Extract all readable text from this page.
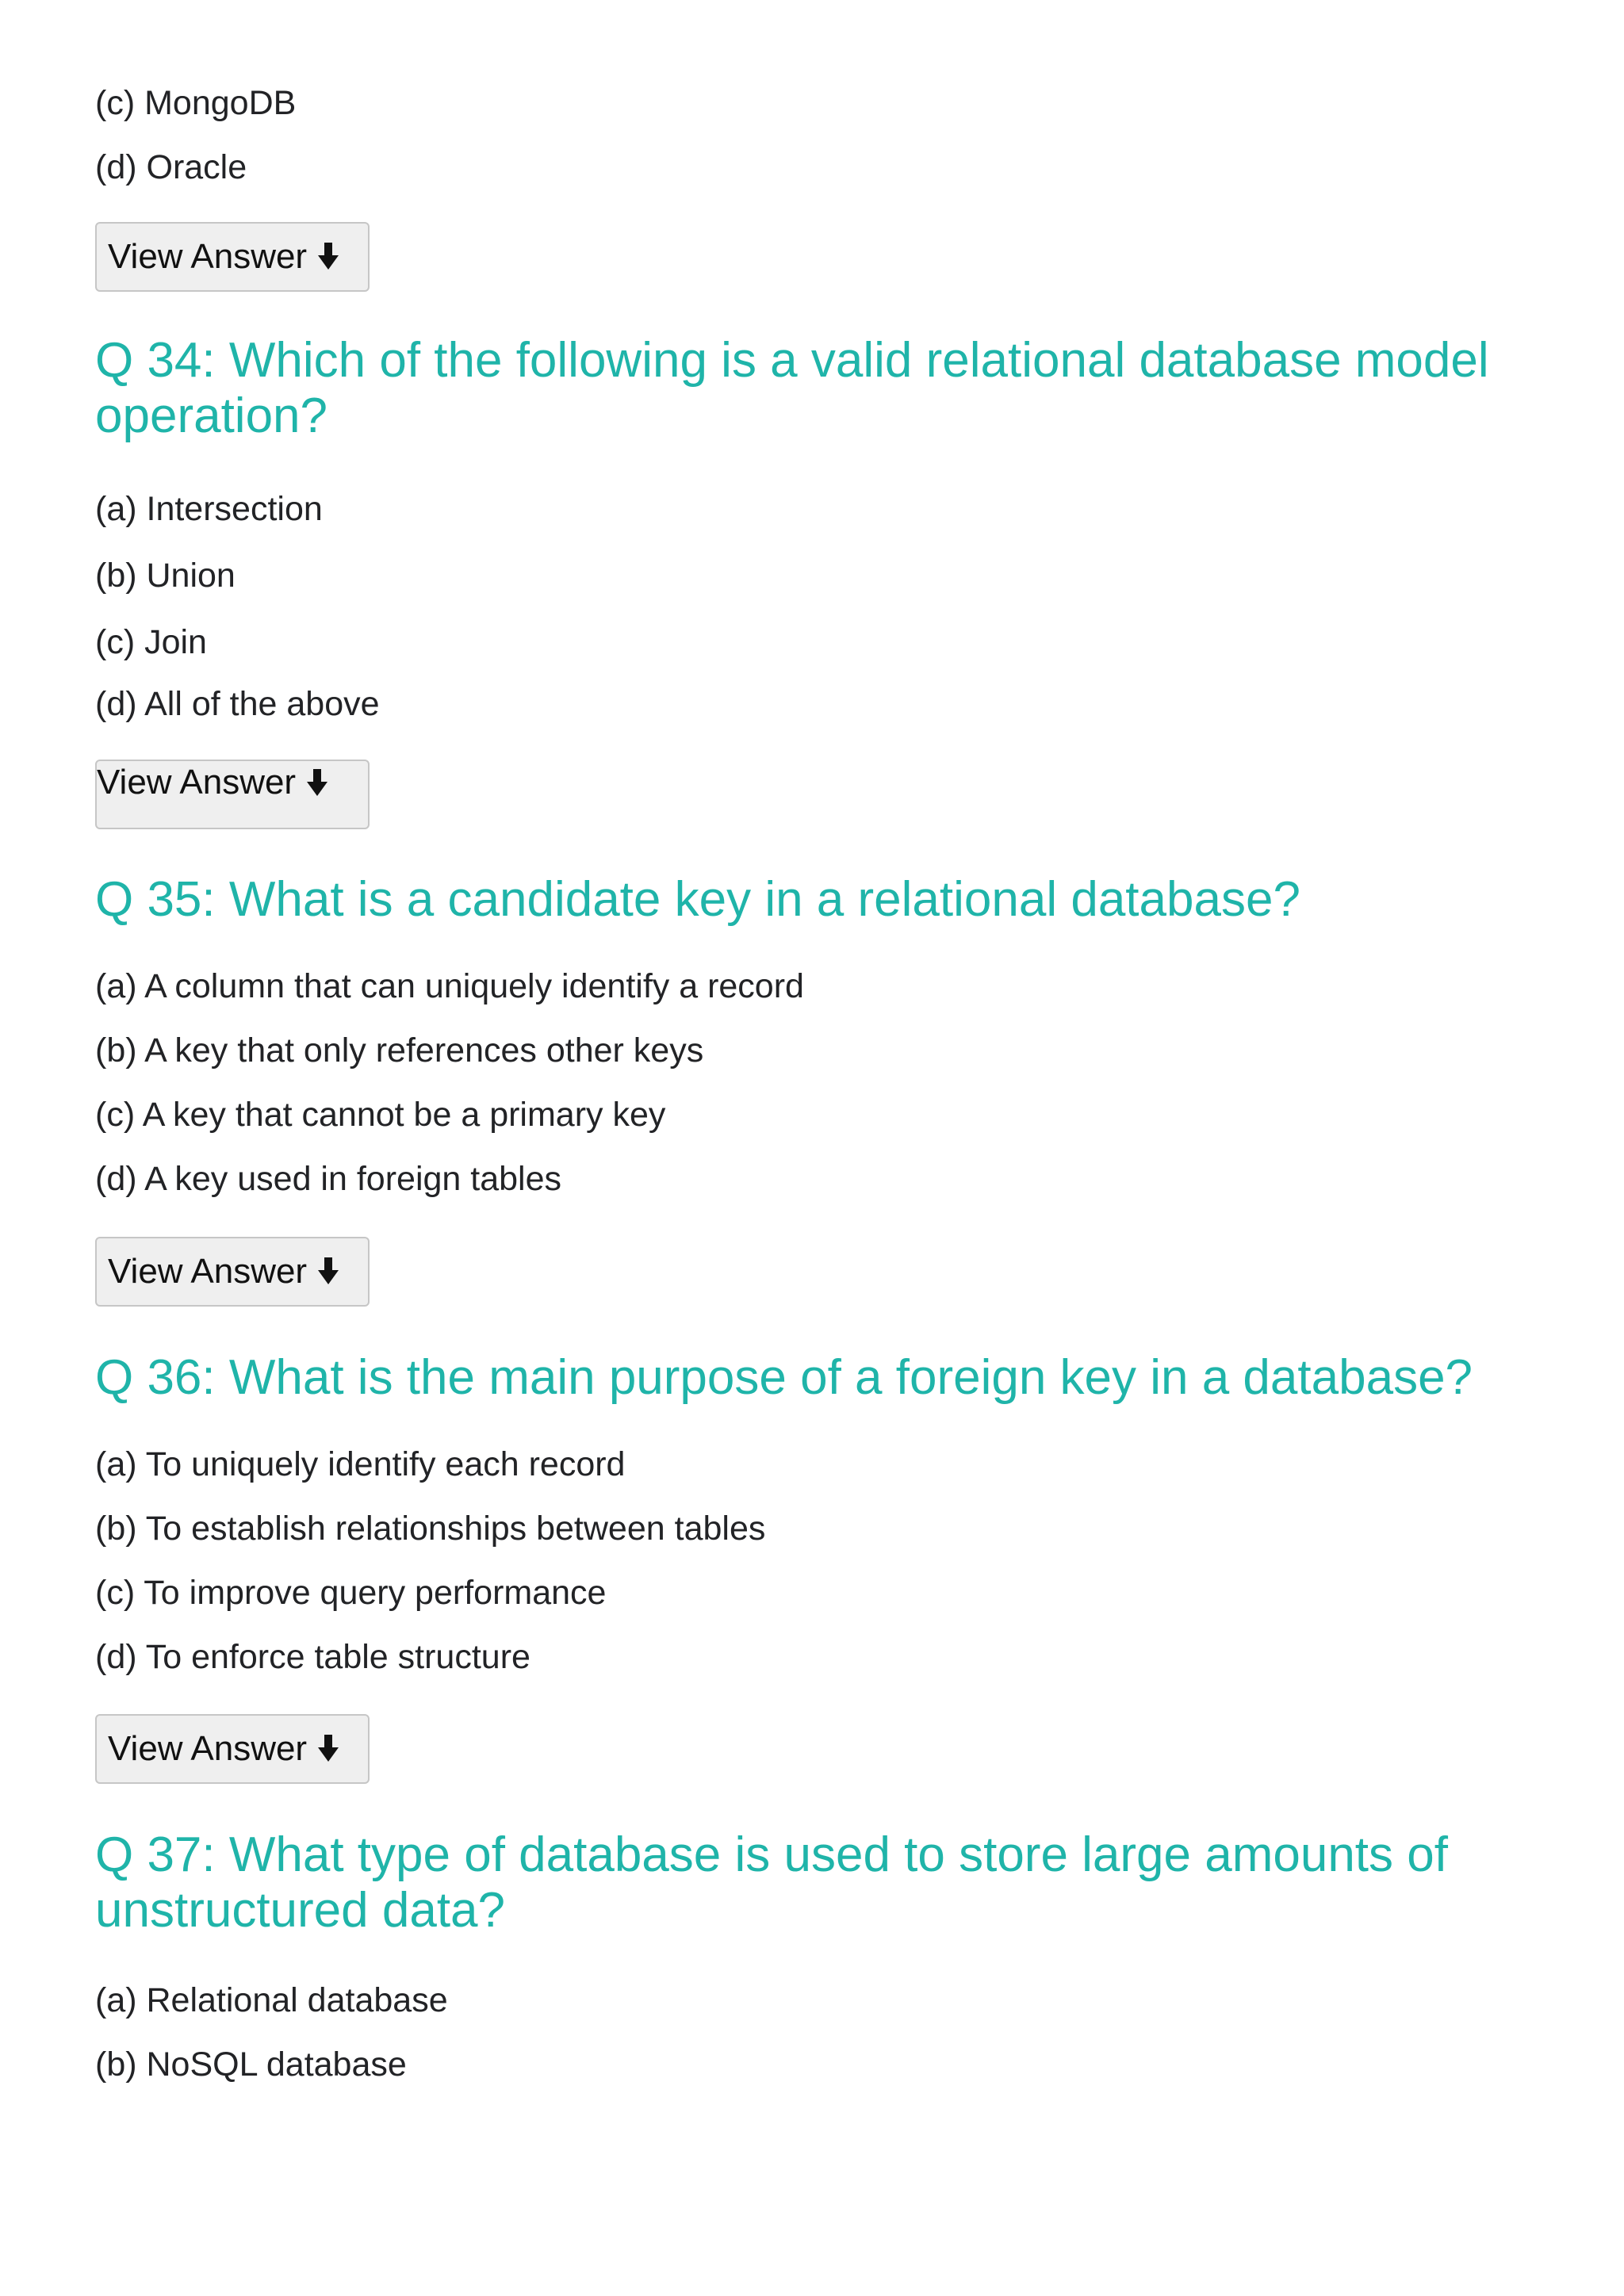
(c) MongoDB
(d) Oracle
View Answer
Q 34: Which of the following is a valid relational database model operation?
(a) Intersection
(b) Union
(c) Join
(d) All of the above
View Answer
Q 35: What is a candidate key in a relational database?
(a) A column that can uniquely identify a record
(b) A key that only references other keys
(c) A key that cannot be a primary key
(d) A key used in foreign tables
View Answer
Q 36: What is the main purpose of a foreign key in a database?
(a) To uniquely identify each record
(b) To establish relationships between tables
(c) To improve query performance
(d) To enforce table structure
View Answer
Q 37: What type of database is used to store large amounts of unstructured data?
(a) Relational database
(b) NoSQL database
